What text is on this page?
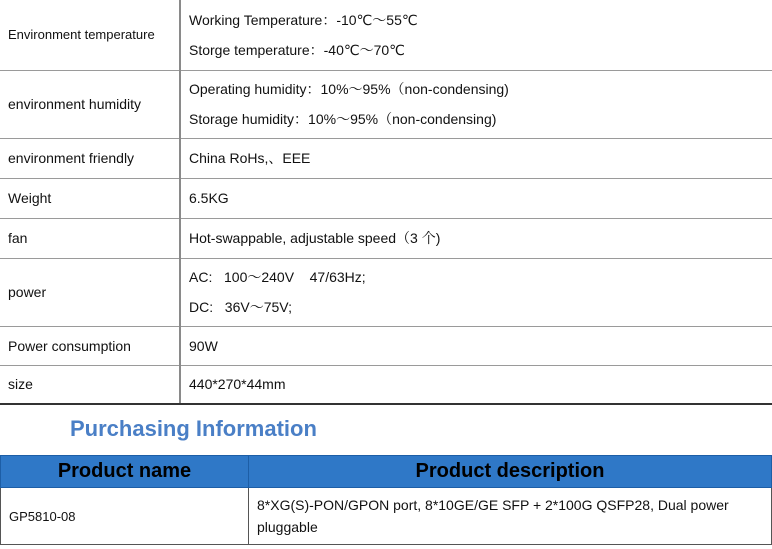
Environment temperature	Working Temperature：-10℃～55℃
Storge temperature：-40℃～70℃

environment humidity	Operating humidity：10%～95%（non-condensing)
Storage humidity：10%～95%（non-condensing)

environment friendly	China RoHs,、EEE
Weight	6.5KG
fan	Hot-swappable, adjustable speed（3 个)
power	AC:   100～240V    47/63Hz;
DC:   36V～75V;

Power consumption	90W
size	440*270*44mm
Purchasing Information
Product name	Product description
GP5810-08	8*XG(S)-PON/GPON port, 8*10GE/GE SFP + 2*100G QSFP28, Dual power pluggable
